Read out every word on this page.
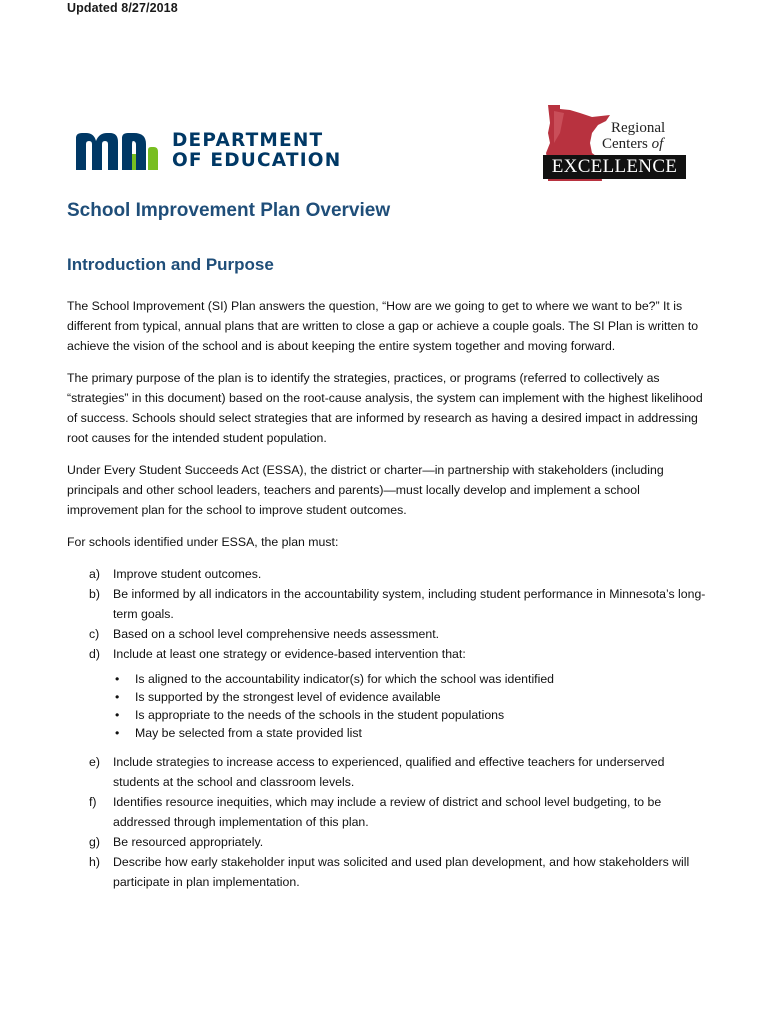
Updated 8/27/2018
DEPARTMENT
OF EDUCATION
Regional
Centers of
EXCELLENCE
School Improvement Plan Overview
Introduction and Purpose

The School Improvement (SI) Plan answers the question, “How are we going to get to where we want to be?” It is different from typical, annual plans that are written to close a gap or achieve a couple goals. The SI Plan is written to achieve the vision of the school and is about keeping the entire system together and moving forward.

The primary purpose of the plan is to identify the strategies, practices, or programs (referred to collectively as “strategies” in this document) based on the root-cause analysis, the system can implement with the highest likelihood of success. Schools should select strategies that are informed by research as having a desired impact in addressing root causes for the intended student population.

Under Every Student Succeeds Act (ESSA), the district or charter—in partnership with stakeholders (including principals and other school leaders, teachers and parents)—must locally develop and implement a school improvement plan for the school to improve student outcomes.

For schools identified under ESSA, the plan must:

a) Improve student outcomes.
b) Be informed by all indicators in the accountability system, including student performance in Minnesota’s long-term goals.
c) Based on a school level comprehensive needs assessment.
d) Include at least one strategy or evidence-based intervention that:
• Is aligned to the accountability indicator(s) for which the school was identified
• Is supported by the strongest level of evidence available
• Is appropriate to the needs of the schools in the student populations
• May be selected from a state provided list
e) Include strategies to increase access to experienced, qualified and effective teachers for underserved students at the school and classroom levels.
f) Identifies resource inequities, which may include a review of district and school level budgeting, to be addressed through implementation of this plan.
g) Be resourced appropriately.
h) Describe how early stakeholder input was solicited and used plan development, and how stakeholders will participate in plan implementation.
